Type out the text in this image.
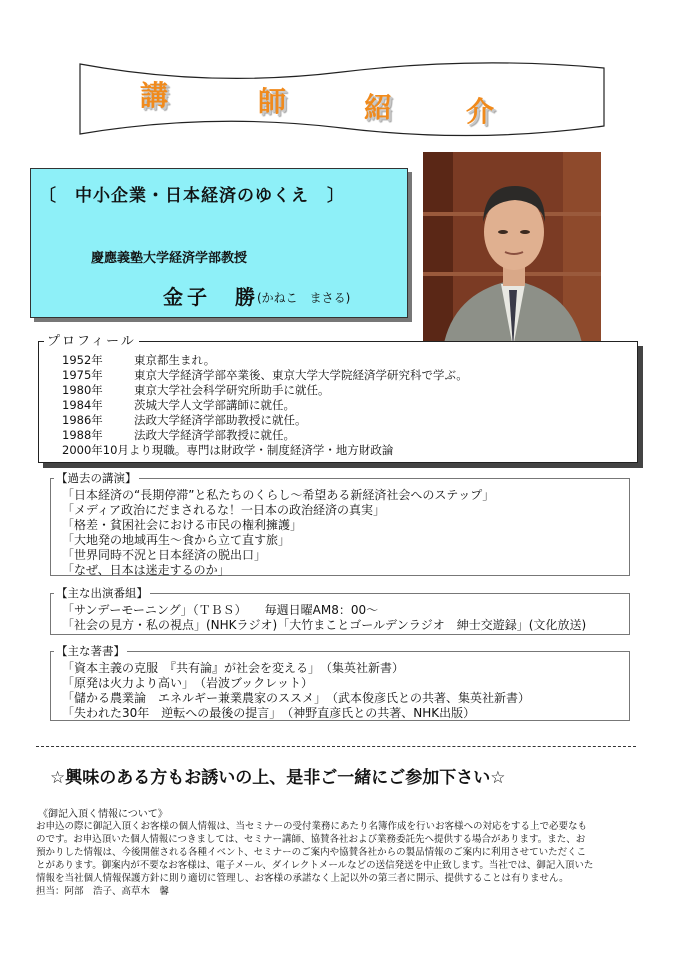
講	師	紹	介
〔　中小企業・日本経済のゆくえ　〕
慶應義塾大学経済学部教授
金子　勝
(かねこ　まさる)
プロフィール
1952年	東京都生まれ。
1975年	東京大学経済学部卒業後、東京大学大学院経済学研究科で学ぶ。
1980年	東京大学社会科学研究所助手に就任。
1984年	茨城大学人文学部講師に就任。
1986年	法政大学経済学部助教授に就任。
1988年	法政大学経済学部教授に就任。
2000年10月より現職。専門は財政学・制度経済学・地方財政論
【過去の講演】
「日本経済の“長期停滞”と私たちのくらし～希望ある新経済社会へのステップ」
「メディア政治にだまされるな！一日本の政治経済の真実」
「格差・貧困社会における市民の権利擁護」
「大地発の地域再生～食から立て直す旅」
「世界同時不況と日本経済の脱出口」
「なぜ、日本は迷走するのか」
【主な出演番組】
「サンデーモーニング」（ＴＢＳ）　　毎週日曜AM8：00～
「社会の見方・私の視点」(NHKラジオ)「大竹まことゴールデンラジオ　紳士交遊録」(文化放送)
【主な著書】
「資本主義の克服　『共有論』が社会を変える」　（集英社新書）
「原発は火力より高い」　（岩波ブックレット）
「儲かる農業論　エネルギー兼業農家のススメ」　（武本俊彦氏との共著、集英社新書）
「失われた30年　逆転への最後の提言」　（神野直彦氏との共著、NHK出版）
☆興味のある方もお誘いの上、是非ご一緒にご参加下さい☆
《御記入頂く情報について》
お申込の際に御記入頂くお客様の個人情報は、当セミナーの受付業務にあたり名簿作成を行いお客様への対応をする上で必要なも
のです。お申込頂いた個人情報につきましては、セミナー講師、協賛各社および業務委託先へ提供する場合があります。また、お
預かりした情報は、今後開催される各種イベント、セミナーのご案内や協賛各社からの製品情報のご案内に利用させていただくこ
とがあります。御案内が不要なお客様は、電子メール、ダイレクトメールなどの送信発送を中止致します。当社では、御記入頂いた
情報を当社個人情報保護方針に則り適切に管理し、お客様の承諾なく上記以外の第三者に開示、提供することは有りません。
担当：阿部　浩子、高草木　馨
